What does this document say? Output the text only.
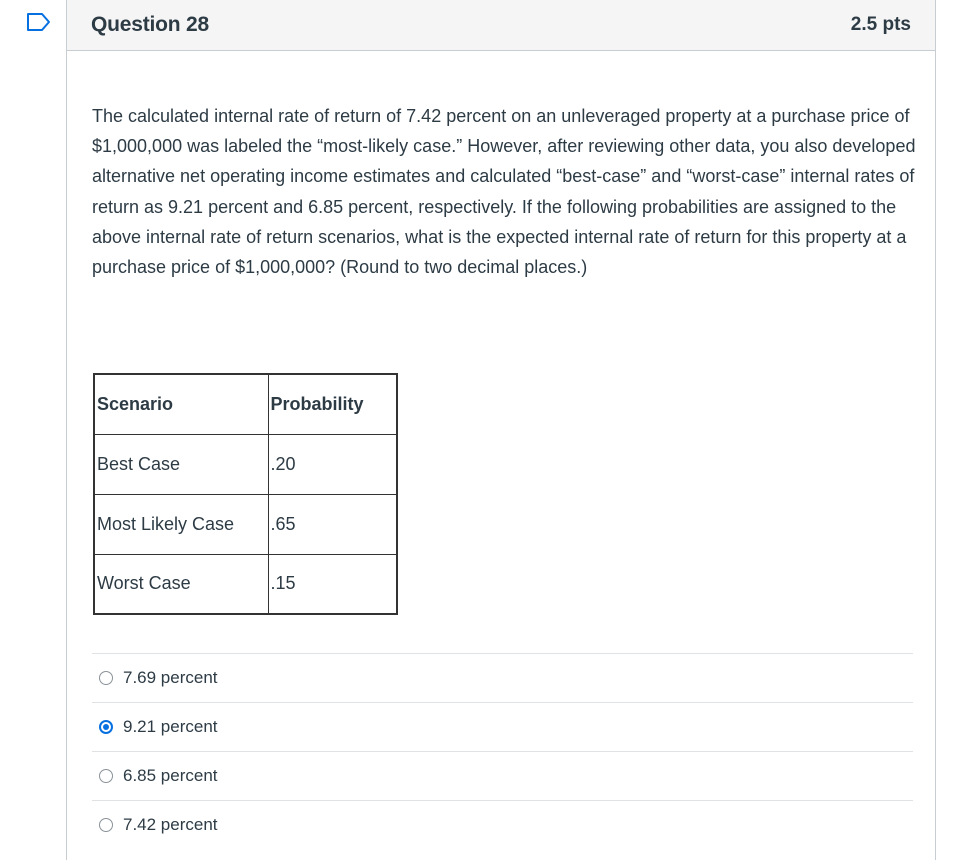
Question 28	2.5 pts

The calculated internal rate of return of 7.42 percent on an unleveraged property at a purchase price of $1,000,000 was labeled the “most-likely case.” However, after reviewing other data, you also developed alternative net operating income estimates and calculated “best-case” and “worst-case” internal rates of return as 9.21 percent and 6.85 percent, respectively. If the following probabilities are assigned to the above internal rate of return scenarios, what is the expected internal rate of return for this property at a purchase price of $1,000,000? (Round to two decimal places.)

Scenario	Probability
Best Case	.20
Most Likely Case	.65
Worst Case	.15
7.69 percent
9.21 percent
6.85 percent
7.42 percent
